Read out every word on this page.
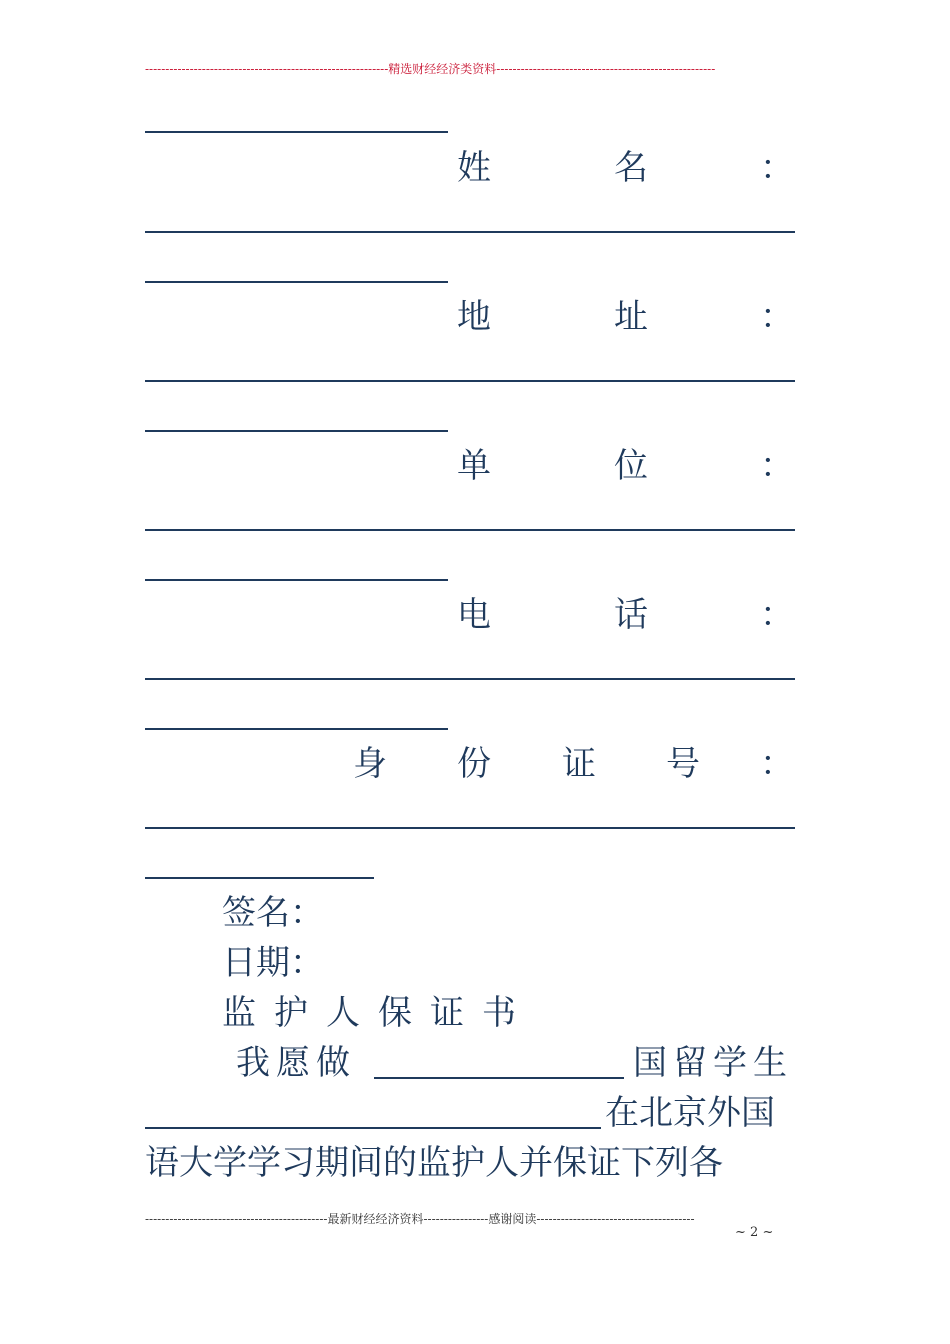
------------------------------------------------------------精选财经经济类资料------------------------------------------------------
姓	名	：
地	址	：
单	位	：
电	话	：
身 份 证 号 ：
签名：
日期：
监 护 人 保 证 书
我愿做	国留学生
在北京外国
语大学学习期间的监护人并保证下列各
---------------------------------------------最新财经经济资料----------------感谢阅读---------------------------------------
~ 2 ~
